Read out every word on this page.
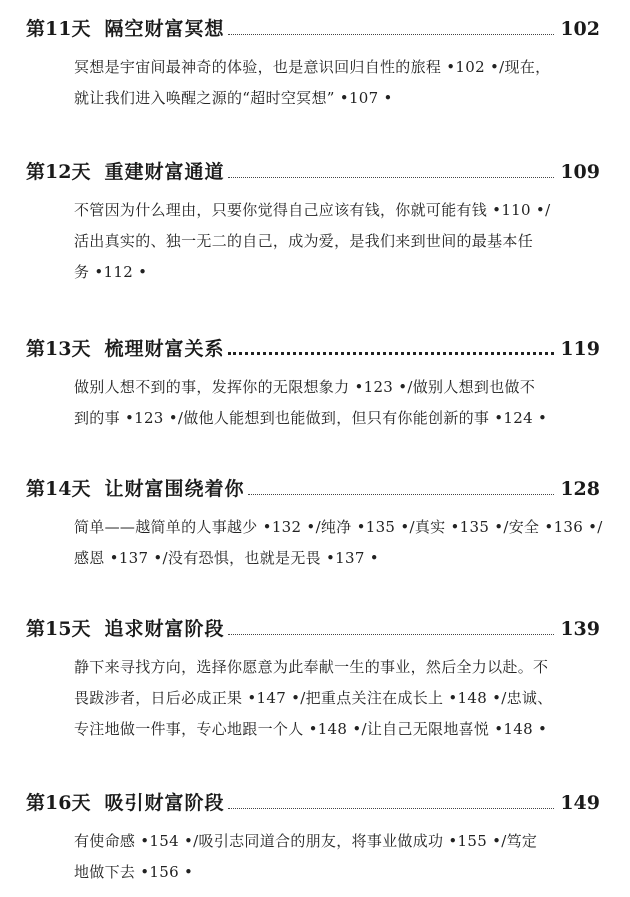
第11天 隔空财富冥想	102
冥想是宇宙间最神奇的体验，也是意识回归自性的旅程 •102 •/现在，
就让我们进入唤醒之源的“超时空冥想” •107 •
第12天 重建财富通道	109
不管因为什么理由，只要你觉得自己应该有钱，你就可能有钱 •110 •/
活出真实的、独一无二的自己，成为爱，是我们来到世间的最基本任
务 •112 •
第13天 梳理财富关系	119
做别人想不到的事，发挥你的无限想象力 •123 •/做别人想到也做不
到的事 •123 •/做他人能想到也能做到，但只有你能创新的事 •124 •
第14天 让财富围绕着你	128
简单——越简单的人事越少 •132 •/纯净 •135 •/真实 •135 •/安全 •136 •/
感恩 •137 •/没有恐惧，也就是无畏 •137 •
第15天 追求财富阶段	139
静下来寻找方向，选择你愿意为此奉献一生的事业，然后全力以赴。不
畏跋涉者，日后必成正果 •147 •/把重点关注在成长上 •148 •/忠诚、
专注地做一件事，专心地跟一个人 •148 •/让自己无限地喜悦 •148 •
第16天 吸引财富阶段	149
有使命感 •154 •/吸引志同道合的朋友，将事业做成功 •155 •/笃定
地做下去 •156 •
